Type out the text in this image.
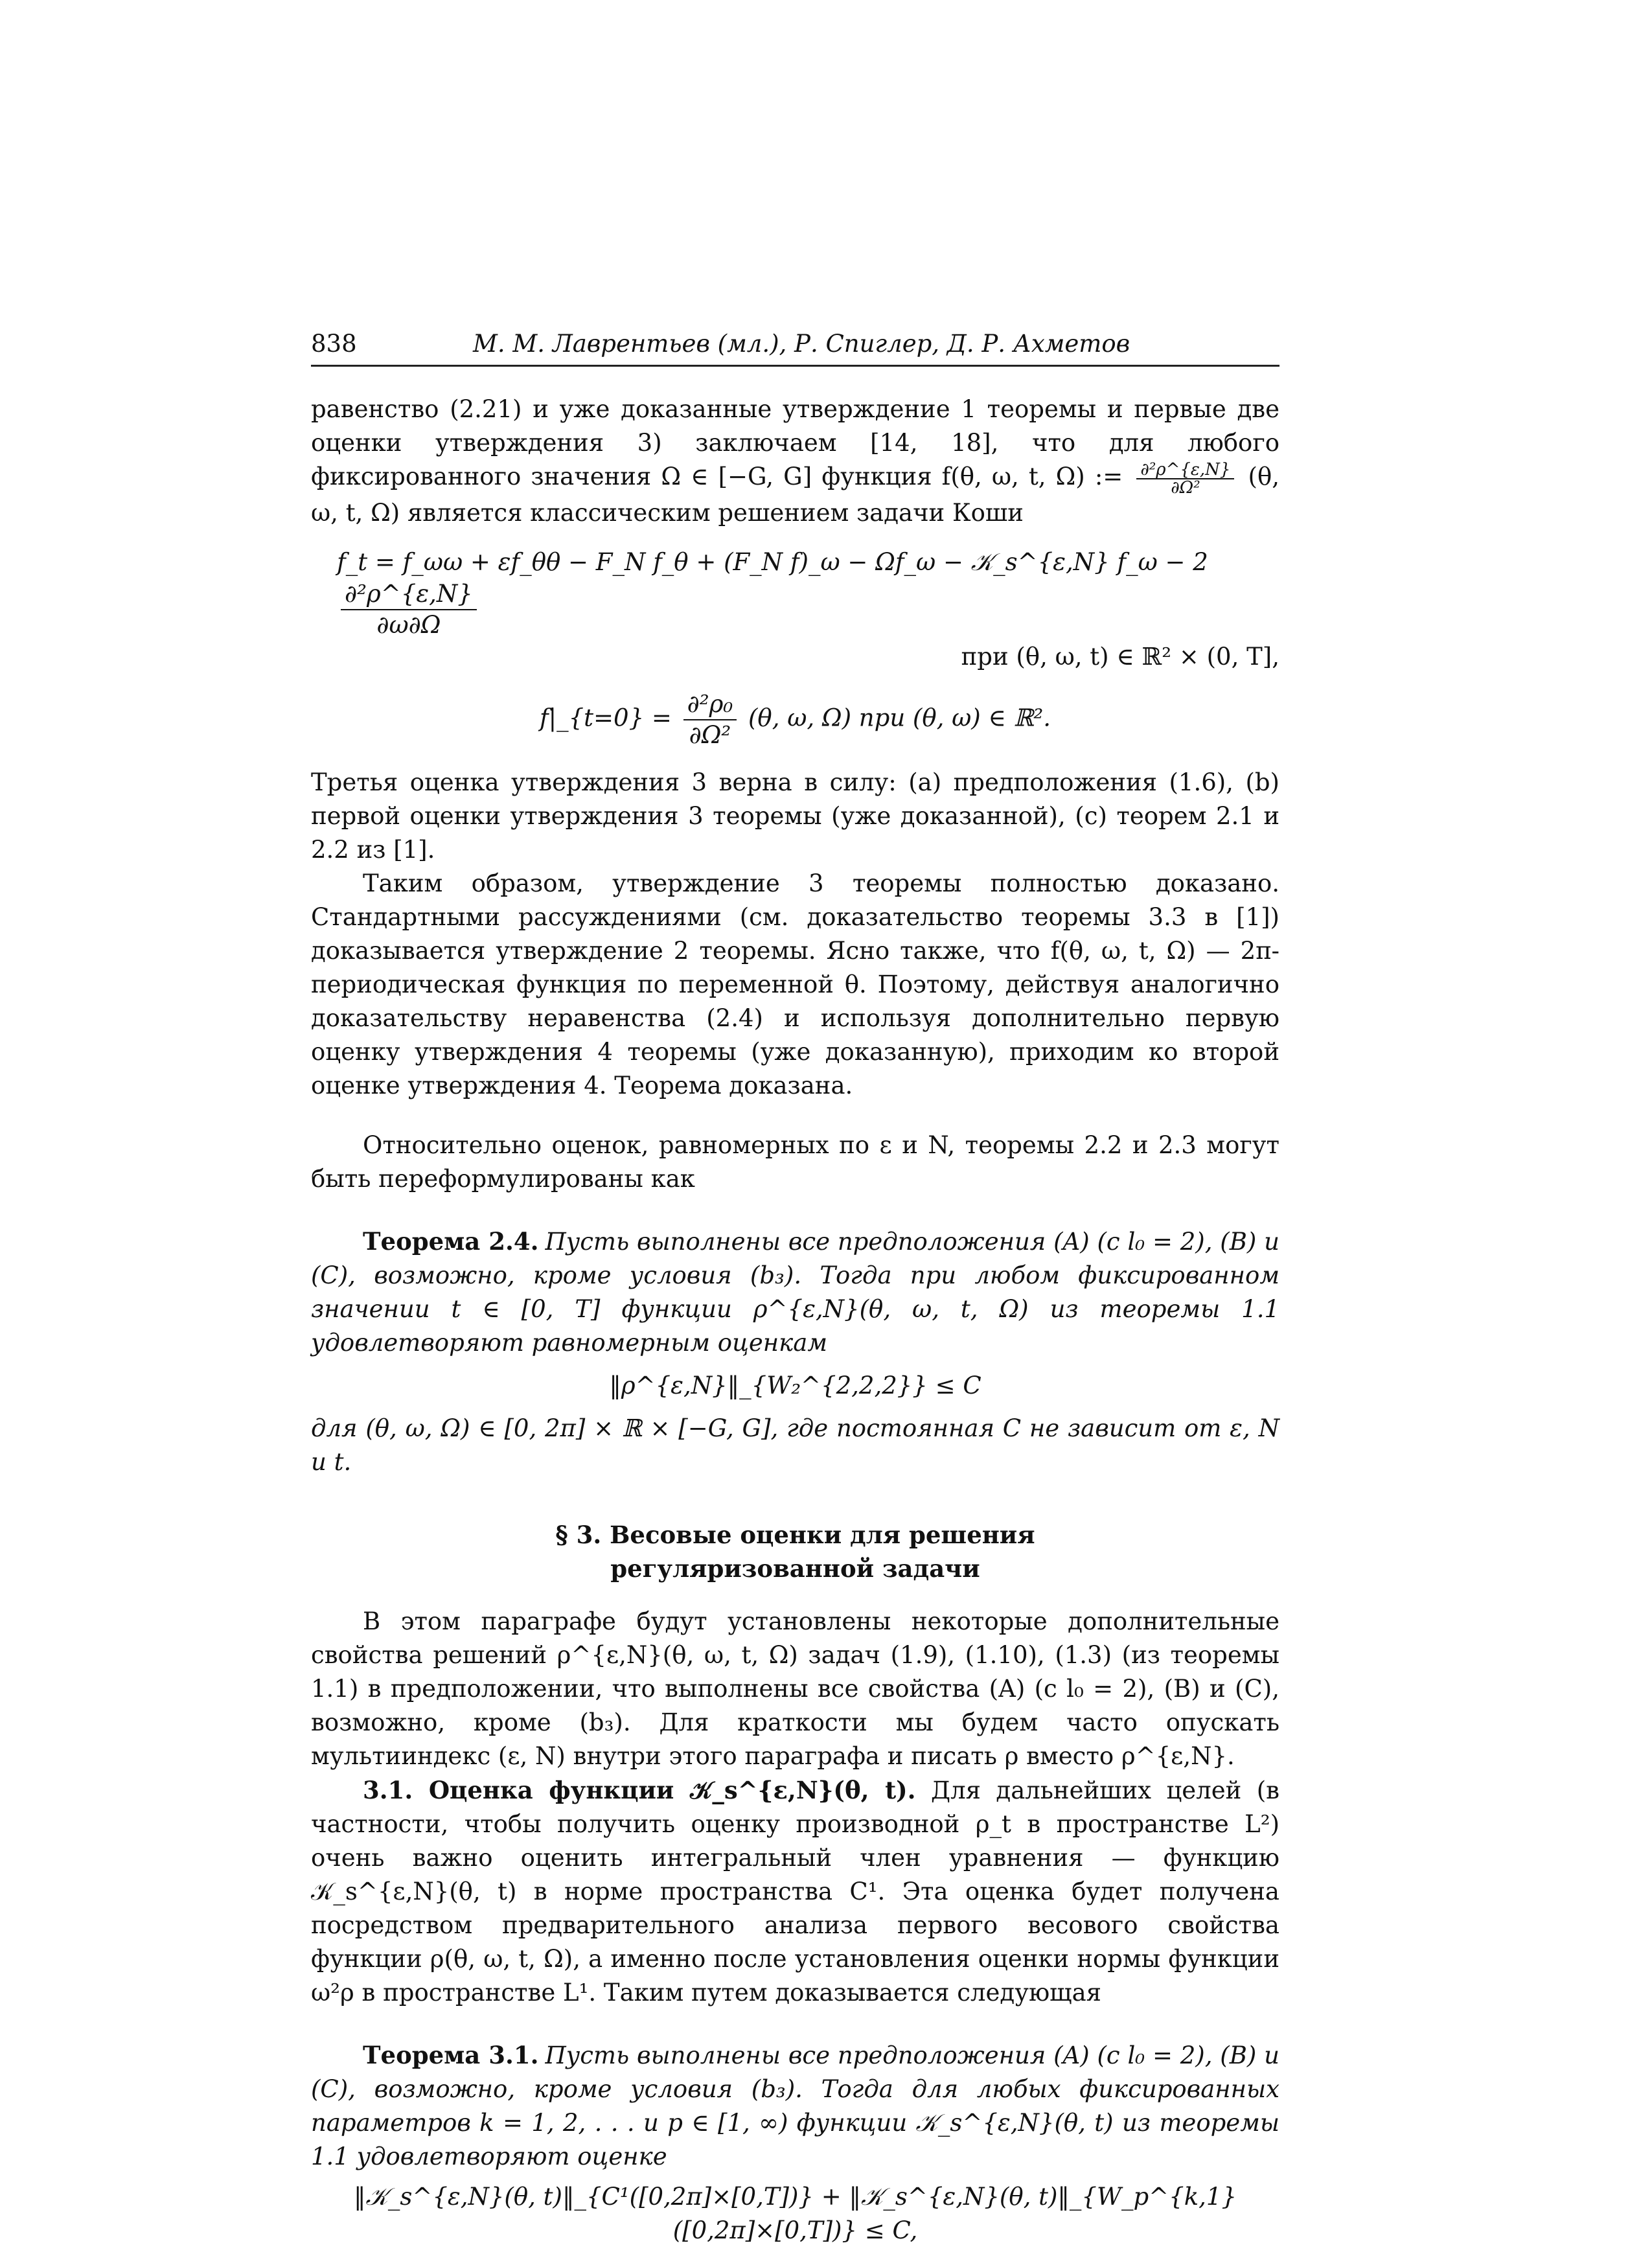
838	М. М. Лаврентьев (мл.), Р. Спиглер, Д. Р. Ахметов

равенство (2.21) и уже доказанные утверждение 1 теоремы и первые две оценки утверждения 3) заключаем [14, 18], что для любого фиксированного значения Ω ∈ [−G, G] функция f(θ, ω, t, Ω) := $\frac{\text{∂²ρ\textasciicircum{}\{ε,N\}}}{\text{∂Ω²}} (\theta$, ω, t, Ω) является классическим решением задачи Коши

f_t = f_ωω + εf_θθ − F_N f_θ + (F_N f)_ω − Ωf_ω − 𝒦_s^{ε,N} f_ω − 2
$\frac{\text{∂²ρ\textasciicircum{}\{ε,N\}}}{\partial\omega\partial\Omega}$
при (θ, ω, t) ∈ ℝ² × (0, T],
f|_{t=0} = $\frac{\text{∂²ρ₀}}{\text{∂Ω²}} (\theta$, ω, Ω) при (θ, ω) ∈ ℝ².

Третья оценка утверждения 3 верна в силу: (a) предположения (1.6), (b) первой оценки утверждения 3 теоремы (уже доказанной), (c) теорем 2.1 и 2.2 из [1].

Таким образом, утверждение 3 теоремы полностью доказано. Стандартными рассуждениями (см. доказательство теоремы 3.3 в [1]) доказывается утверждение 2 теоремы. Ясно также, что f(θ, ω, t, Ω) — 2π-периодическая функция по переменной θ. Поэтому, действуя аналогично доказательству неравенства (2.4) и используя дополнительно первую оценку утверждения 4 теоремы (уже доказанную), приходим ко второй оценке утверждения 4. Теорема доказана.

Относительно оценок, равномерных по ε и N, теоремы 2.2 и 2.3 могут быть переформулированы как

Теорема 2.4. Пусть выполнены все предположения (A) (с l₀ = 2), (B) и (C), возможно, кроме условия (b₃). Тогда при любом фиксированном значении t ∈ [0, T] функции ρ^{ε,N}(θ, ω, t, Ω) из теоремы 1.1 удовлетворяют равномерным оценкам

‖ρ^{ε,N}‖_{W₂^{2,2,2}} ≤ C

для (θ, ω, Ω) ∈ [0, 2π] × ℝ × [−G, G], где постоянная C не зависит от ε, N и t.

§ 3. Весовые оценки для решения
регуляризованной задачи

В этом параграфе будут установлены некоторые дополнительные свойства решений ρ^{ε,N}(θ, ω, t, Ω) задач (1.9), (1.10), (1.3) (из теоремы 1.1) в предположении, что выполнены все свойства (A) (с l₀ = 2), (B) и (C), возможно, кроме (b₃). Для краткости мы будем часто опускать мультииндекс (ε, N) внутри этого параграфа и писать ρ вместо ρ^{ε,N}.

3.1. Оценка функции 𝒦_s^{ε,N}(θ, t). Для дальнейших целей (в частности, чтобы получить оценку производной ρ_t в пространстве L²) очень важно оценить интегральный член уравнения — функцию 𝒦_s^{ε,N}(θ, t) в норме пространства C¹. Эта оценка будет получена посредством предварительного анализа первого весового свойства функции ρ(θ, ω, t, Ω), а именно после установления оценки нормы функции ω²ρ в пространстве L¹. Таким путем доказывается следующая

Теорема 3.1. Пусть выполнены все предположения (A) (с l₀ = 2), (B) и (C), возможно, кроме условия (b₃). Тогда для любых фиксированных параметров k = 1, 2, . . . и p ∈ [1, ∞) функции 𝒦_s^{ε,N}(θ, t) из теоремы 1.1 удовлетворяют оценке

‖𝒦_s^{ε,N}(θ, t)‖_{C¹([0,2π]×[0,T])} + ‖𝒦_s^{ε,N}(θ, t)‖_{W_p^{k,1}([0,2π]×[0,T])} ≤ C,
